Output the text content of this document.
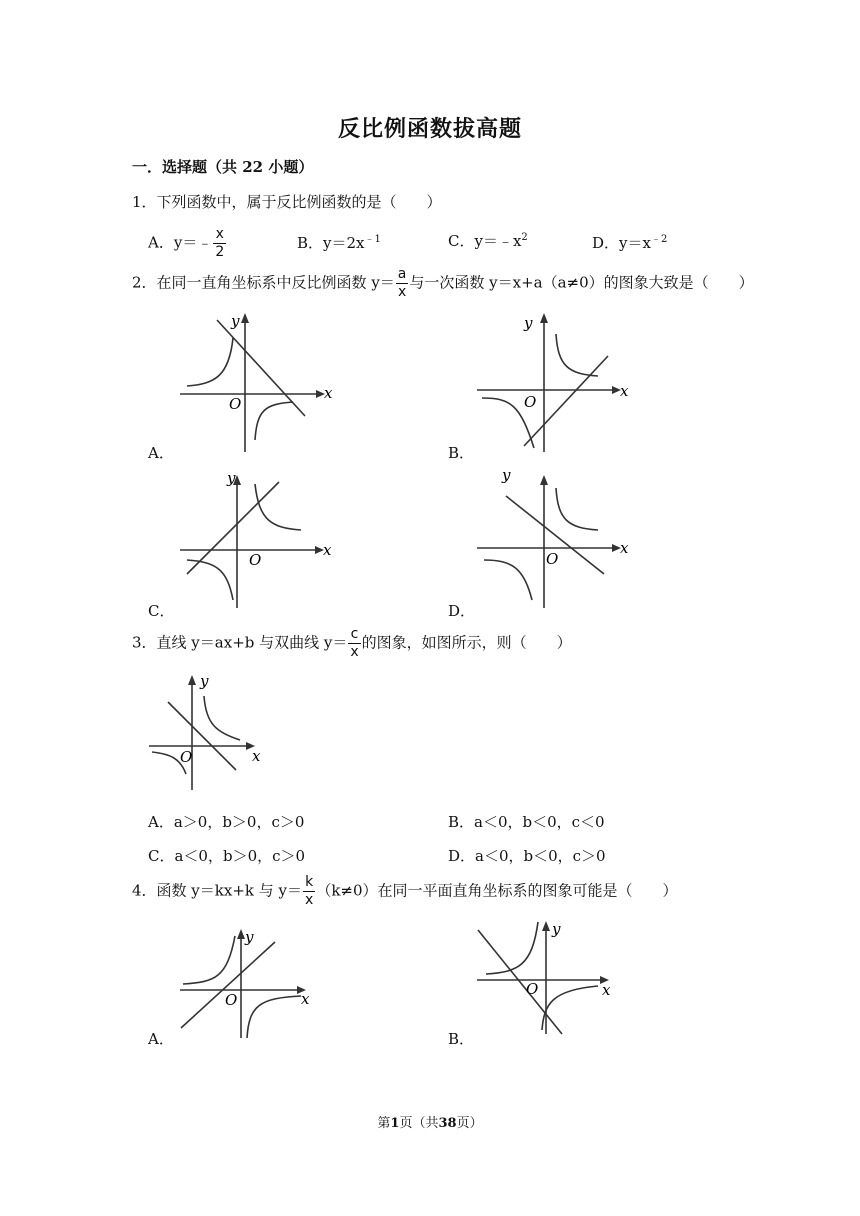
反比例函数拔高题
一．选择题（共 22 小题）
1．下列函数中，属于反比例函数的是（　　）
A．y＝﹣ $\frac{x}{2}$	B．$y=2x^{﹣1}$	C．$y=﹣x^2$	D．$y=x^{﹣2}$
2．在同一直角坐标系中反比例函数 $y= \frac{a}{x}$ 与一次函数 y＝x+a（a≠0）的图象大致是（　　）
y
x
O
A．
y
x
O
B．
y
x
O
C．
y
x
O
D．
3．直线 y＝ax+b 与双曲线 $y= \frac{c}{x}$ 的图象，如图所示，则（　　）
y
x
O
A．a＞0，b＞0，c＞0	B．a＜0，b＜0，c＜0
C．a＜0，b＞0，c＞0	D．a＜0，b＜0，c＞0
4．函数 y＝kx+k 与 $y= \frac{k}{x} (k\ne 0)$在同一平面直角坐标系的图象可能是（　　）
y
x
O
A．
y
x
O
B．
第1页（共38页）
